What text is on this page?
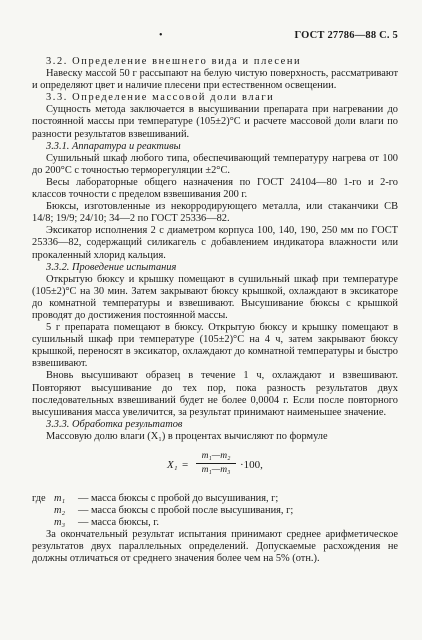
•	ГОСТ 27786—88 С. 5

3.2. Определение внешнего вида и плесени

Навеску массой 50 г рассыпают на белую чистую поверхность, рассматривают и определяют цвет и наличие плесени при естественном освещении.

3.3. Определение массовой доли влаги

Сущность метода заключается в высушивании препарата при нагревании до постоянной массы при температуре (105±2)°С и расчете массовой доли влаги по разности результатов взвешиваний.

3.3.1. Аппаратура и реактивы

Сушильный шкаф любого типа, обеспечивающий температуру нагрева от 100 до 200°С с точностью терморегуляции ±2°С.

Весы лабораторные общего назначения по ГОСТ 24104—80 1-го и 2-го классов точности с пределом взвешивания 200 г.

Бюксы, изготовленные из некорродирующего металла, или стаканчики СВ 14/8; 19/9; 24/10; 34—2 по ГОСТ 25336—82.

Эксикатор исполнения 2 с диаметром корпуса 100, 140, 190, 250 мм по ГОСТ 25336—82, содержащий силикагель с добавлением индикатора влажности или прокаленный хлорид кальция.

3.3.2. Проведение испытания

Открытую бюксу и крышку помещают в сушильный шкаф при температуре (105±2)°С на 30 мин. Затем закрывают бюксу крышкой, охлаждают в эксикаторе до комнатной температуры и взвешивают. Высушивание бюксы с крышкой проводят до достижения постоянной массы.

5 г препарата помещают в бюксу. Открытую бюксу и крышку помещают в сушильный шкаф при температуре (105±2)°С на 4 ч, затем закрывают бюксу крышкой, переносят в эксикатор, охлаждают до комнатной температуры и быстро взвешивают.

Вновь высушивают образец в течение 1 ч, охлаждают и взвешивают. Повторяют высушивание до тех пор, пока разность результатов двух последовательных взвешиваний будет не более 0,0004 г. Если после повторного высушивания масса увеличится, за результат принимают наименьшее значение.

3.3.3. Обработка результатов

Массовую долю влаги (X₁) в процентах вычисляют по формуле

X₁ =
m₁—m₂
m₁—m₃ ·100,
где m₁ — масса бюксы с пробой до высушивания, г;
m₂ — масса бюксы с пробой после высушивания, г;
m₃ — масса бюксы, г.

За окончательный результат испытания принимают среднее арифметическое результатов двух параллельных определений. Допускаемые расхождения не должны отличаться от среднего значения более чем на 5% (отн.).
